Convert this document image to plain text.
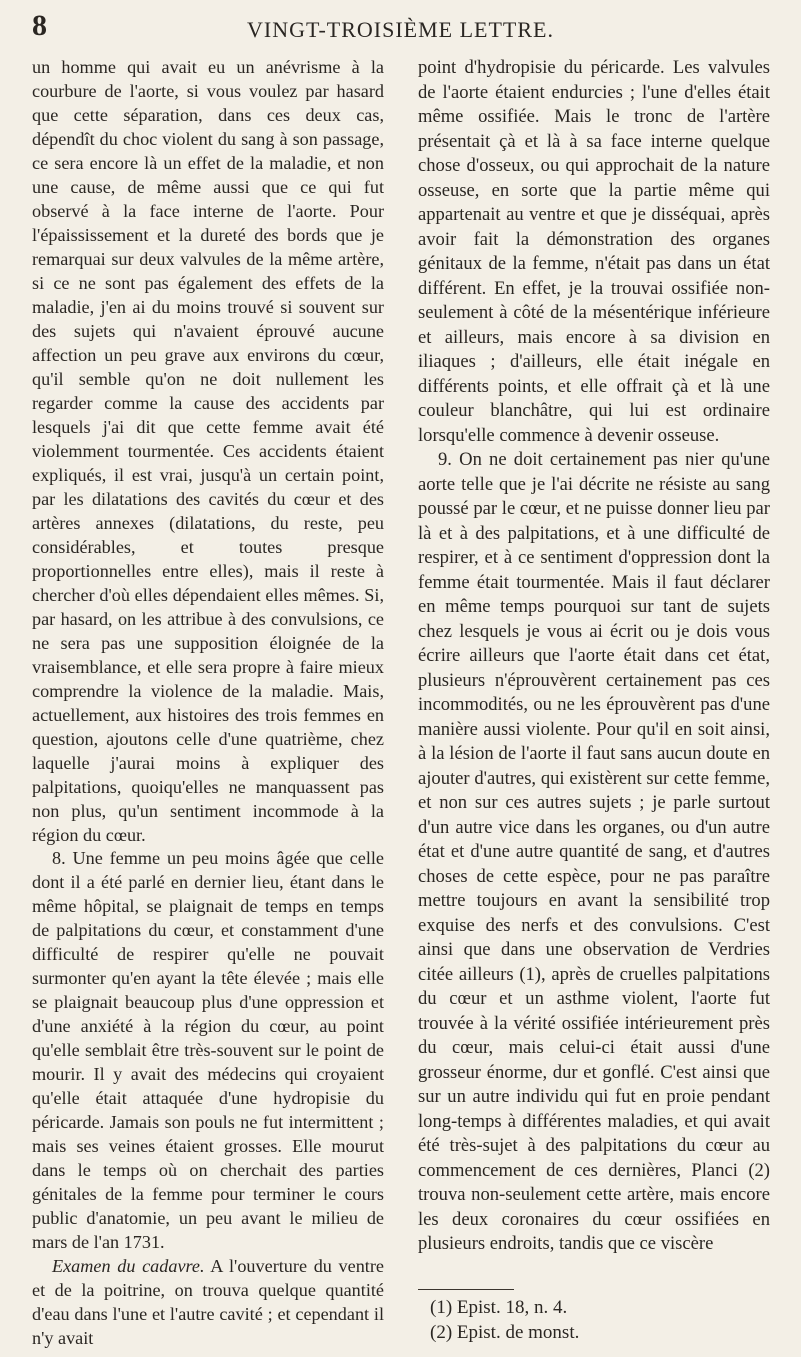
8	VINGT-TROISIÈME LETTRE.

un homme qui avait eu un anévrisme à la courbure de l'aorte, si vous voulez par hasard que cette séparation, dans ces deux cas, dépendît du choc violent du sang à son passage, ce sera encore là un effet de la maladie, et non une cause, de même aussi que ce qui fut observé à la face interne de l'aorte. Pour l'épaississement et la dureté des bords que je remarquai sur deux valvules de la même artère, si ce ne sont pas également des effets de la maladie, j'en ai du moins trouvé si souvent sur des sujets qui n'avaient éprouvé aucune affection un peu grave aux environs du cœur, qu'il semble qu'on ne doit nullement les regarder comme la cause des accidents par lesquels j'ai dit que cette femme avait été violemment tourmentée. Ces accidents étaient expliqués, il est vrai, jusqu'à un certain point, par les dilatations des cavités du cœur et des artères annexes (dilatations, du reste, peu considérables, et toutes presque proportionnelles entre elles), mais il reste à chercher d'où elles dépendaient elles mêmes. Si, par hasard, on les attribue à des convulsions, ce ne sera pas une supposition éloignée de la vraisemblance, et elle sera propre à faire mieux comprendre la violence de la maladie. Mais, actuellement, aux histoires des trois femmes en question, ajoutons celle d'une quatrième, chez laquelle j'aurai moins à expliquer des palpitations, quoiqu'elles ne manquassent pas non plus, qu'un sentiment incommode à la région du cœur.

8. Une femme un peu moins âgée que celle dont il a été parlé en dernier lieu, étant dans le même hôpital, se plaignait de temps en temps de palpitations du cœur, et constamment d'une difficulté de respirer qu'elle ne pouvait surmonter qu'en ayant la tête élevée ; mais elle se plaignait beaucoup plus d'une oppression et d'une anxiété à la région du cœur, au point qu'elle semblait être très-souvent sur le point de mourir. Il y avait des médecins qui croyaient qu'elle était attaquée d'une hydropisie du péricarde. Jamais son pouls ne fut intermittent ; mais ses veines étaient grosses. Elle mourut dans le temps où on cherchait des parties génitales de la femme pour terminer le cours public d'anatomie, un peu avant le milieu de mars de l'an 1731.

Examen du cadavre. A l'ouverture du ventre et de la poitrine, on trouva quelque quantité d'eau dans l'une et l'autre cavité ; et cependant il n'y avait

point d'hydropisie du péricarde. Les valvules de l'aorte étaient endurcies ; l'une d'elles était même ossifiée. Mais le tronc de l'artère présentait çà et là à sa face interne quelque chose d'osseux, ou qui approchait de la nature osseuse, en sorte que la partie même qui appartenait au ventre et que je disséquai, après avoir fait la démonstration des organes génitaux de la femme, n'était pas dans un état différent. En effet, je la trouvai ossifiée non-seulement à côté de la mésentérique inférieure et ailleurs, mais encore à sa division en iliaques ; d'ailleurs, elle était inégale en différents points, et elle offrait çà et là une couleur blanchâtre, qui lui est ordinaire lorsqu'elle commence à devenir osseuse.

9. On ne doit certainement pas nier qu'une aorte telle que je l'ai décrite ne résiste au sang poussé par le cœur, et ne puisse donner lieu par là et à des palpitations, et à une difficulté de respirer, et à ce sentiment d'oppression dont la femme était tourmentée. Mais il faut déclarer en même temps pourquoi sur tant de sujets chez lesquels je vous ai écrit ou je dois vous écrire ailleurs que l'aorte était dans cet état, plusieurs n'éprouvèrent certainement pas ces incommodités, ou ne les éprouvèrent pas d'une manière aussi violente. Pour qu'il en soit ainsi, à la lésion de l'aorte il faut sans aucun doute en ajouter d'autres, qui existèrent sur cette femme, et non sur ces autres sujets ; je parle surtout d'un autre vice dans les organes, ou d'un autre état et d'une autre quantité de sang, et d'autres choses de cette espèce, pour ne pas paraître mettre toujours en avant la sensibilité trop exquise des nerfs et des convulsions. C'est ainsi que dans une observation de Verdries citée ailleurs (1), après de cruelles palpitations du cœur et un asthme violent, l'aorte fut trouvée à la vérité ossifiée intérieurement près du cœur, mais celui-ci était aussi d'une grosseur énorme, dur et gonflé. C'est ainsi que sur un autre individu qui fut en proie pendant long-temps à différentes maladies, et qui avait été très-sujet à des palpitations du cœur au commencement de ces dernières, Planci (2) trouva non-seulement cette artère, mais encore les deux coronaires du cœur ossifiées en plusieurs endroits, tandis que ce viscère

(1) Epist. 18, n. 4.
(2) Epist. de monst.
